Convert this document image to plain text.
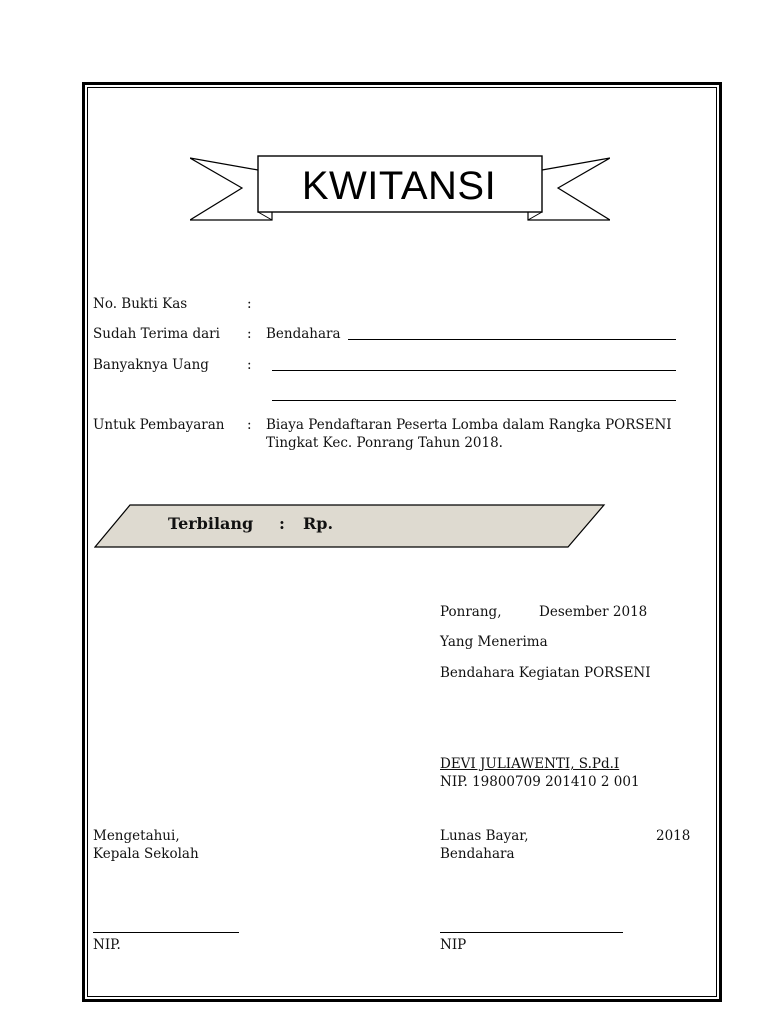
KWITANSI
No. Bukti Kas	:
Sudah Terima dari : Bendahara
Banyaknya Uang	:
Untuk Pembayaran : Biaya Pendaftaran Peserta Lomba dalam Rangka PORSENI
Tingkat Kec. Ponrang Tahun 2018.
Terbilang : Rp.
Ponrang,	Desember 2018
Yang Menerima
Bendahara Kegiatan PORSENI
DEVI JULIAWENTI, S.Pd.I
NIP. 19800709 201410 2 001
Mengetahui,
Kepala Sekolah
NIP.
Lunas Bayar,	2018
Bendahara
NIP
